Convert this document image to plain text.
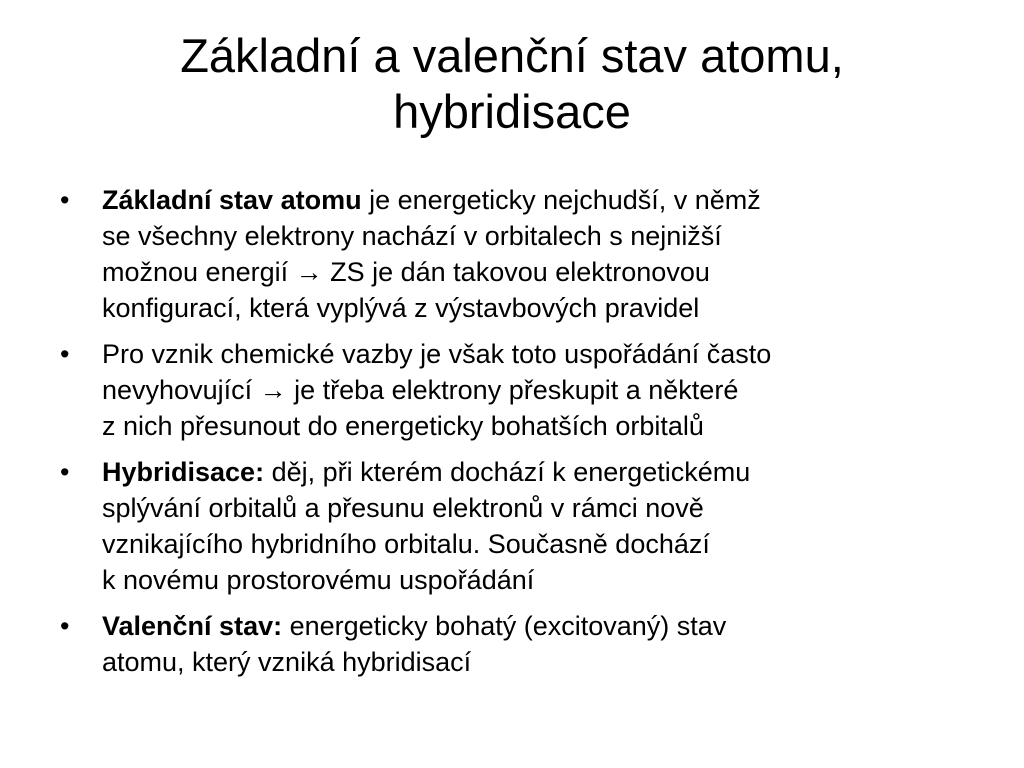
Základní a valenční stav atomu,
hybridisace
•	Základní stav atomu je energeticky nejchudší, v němž
se všechny elektrony nachází v orbitalech s nejnižší
možnou energií → ZS je dán takovou elektronovou
konfigurací, která vyplývá z výstavbových pravidel
•	Pro vznik chemické vazby je však toto uspořádání často
nevyhovující → je třeba elektrony přeskupit a některé
z nich přesunout do energeticky bohatších orbitalů
•	Hybridisace: děj, při kterém dochází k energetickému
splývání orbitalů a přesunu elektronů v rámci nově
vznikajícího hybridního orbitalu. Současně dochází
k novému prostorovému uspořádání
•	Valenční stav: energeticky bohatý (excitovaný) stav
atomu, který vzniká hybridisací
